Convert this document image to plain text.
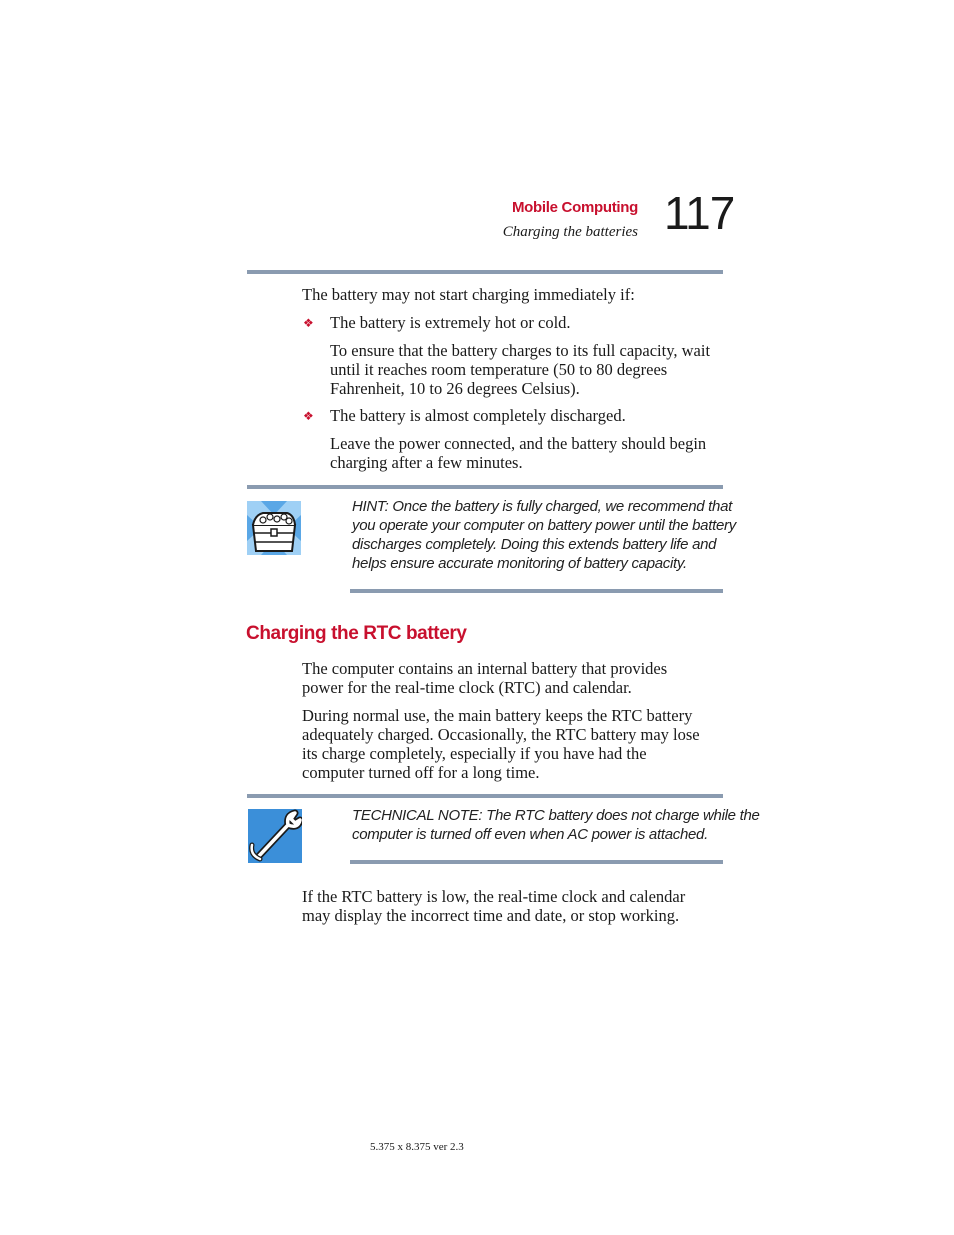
Mobile Computing
Charging the batteries 117
The battery may not start charging immediately if:
❖ The battery is extremely hot or cold.
To ensure that the battery charges to its full capacity, wait
until it reaches room temperature (50 to 80 degrees
Fahrenheit, 10 to 26 degrees Celsius).
❖ The battery is almost completely discharged.
Leave the power connected, and the battery should begin
charging after a few minutes.
HINT: Once the battery is fully charged, we recommend that
you operate your computer on battery power until the battery
discharges completely. Doing this extends battery life and
helps ensure accurate monitoring of battery capacity.
Charging the RTC battery
The computer contains an internal battery that provides
power for the real-time clock (RTC) and calendar.
During normal use, the main battery keeps the RTC battery
adequately charged. Occasionally, the RTC battery may lose
its charge completely, especially if you have had the
computer turned off for a long time.
TECHNICAL NOTE: The RTC battery does not charge while the
computer is turned off even when AC power is attached.
If the RTC battery is low, the real-time clock and calendar
may display the incorrect time and date, or stop working.
5.375 x 8.375 ver 2.3
